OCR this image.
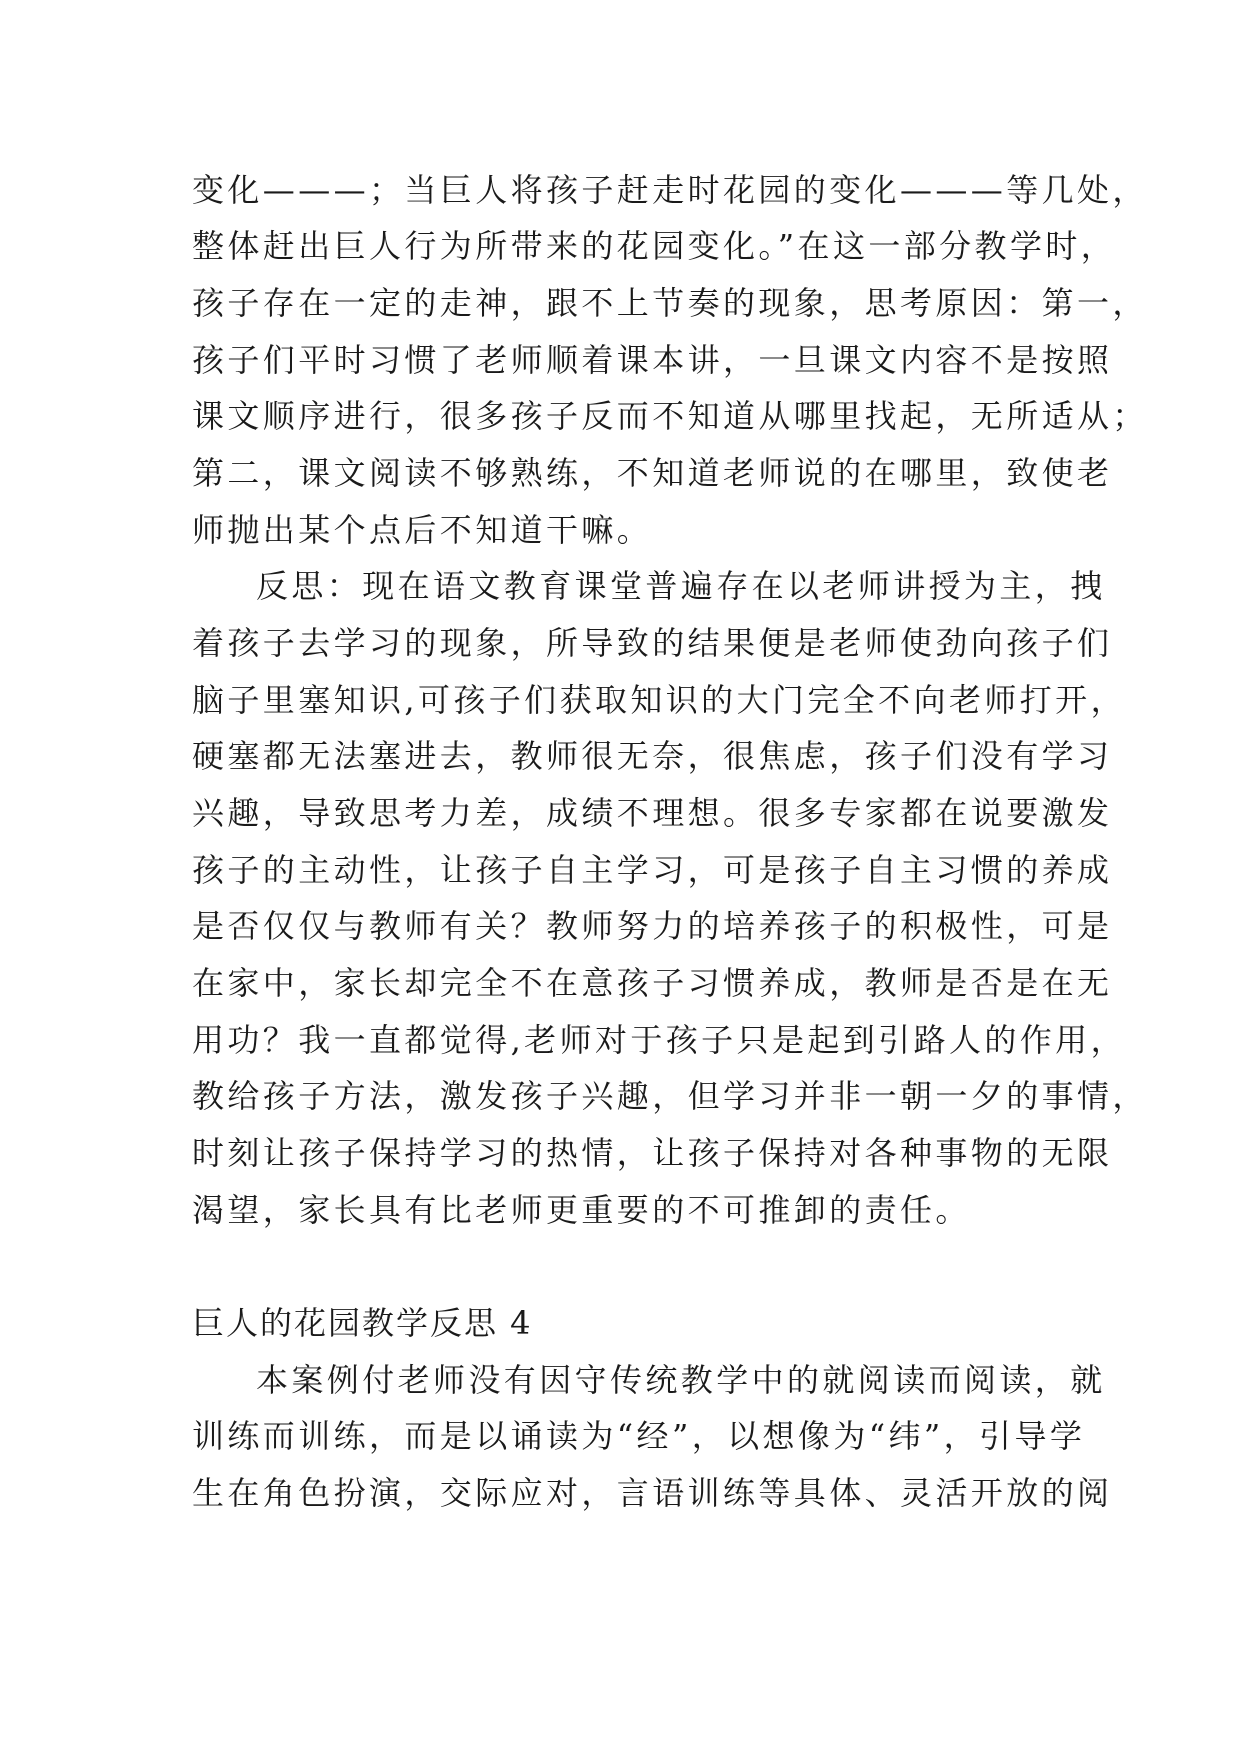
变化———；当巨人将孩子赶走时花园的变化———等几处，
整体赶出巨人行为所带来的花园变化。”在这一部分教学时，
孩子存在一定的走神，跟不上节奏的现象，思考原因：第一，
孩子们平时习惯了老师顺着课本讲，一旦课文内容不是按照
课文顺序进行，很多孩子反而不知道从哪里找起，无所适从；
第二，课文阅读不够熟练，不知道老师说的在哪里，致使老
师抛出某个点后不知道干嘛。
反思：现在语文教育课堂普遍存在以老师讲授为主，拽
着孩子去学习的现象，所导致的结果便是老师使劲向孩子们
脑子里塞知识,可孩子们获取知识的大门完全不向老师打开，
硬塞都无法塞进去，教师很无奈，很焦虑，孩子们没有学习
兴趣，导致思考力差，成绩不理想。很多专家都在说要激发
孩子的主动性，让孩子自主学习，可是孩子自主习惯的养成
是否仅仅与教师有关？教师努力的培养孩子的积极性，可是
在家中，家长却完全不在意孩子习惯养成，教师是否是在无
用功？我一直都觉得,老师对于孩子只是起到引路人的作用，
教给孩子方法，激发孩子兴趣，但学习并非一朝一夕的事情，
时刻让孩子保持学习的热情，让孩子保持对各种事物的无限
渴望，家长具有比老师更重要的不可推卸的责任。
巨人的花园教学反思 4
本案例付老师没有因守传统教学中的就阅读而阅读，就
训练而训练，而是以诵读为“经”，以想像为“纬”，引导学
生在角色扮演，交际应对，言语训练等具体、灵活开放的阅
